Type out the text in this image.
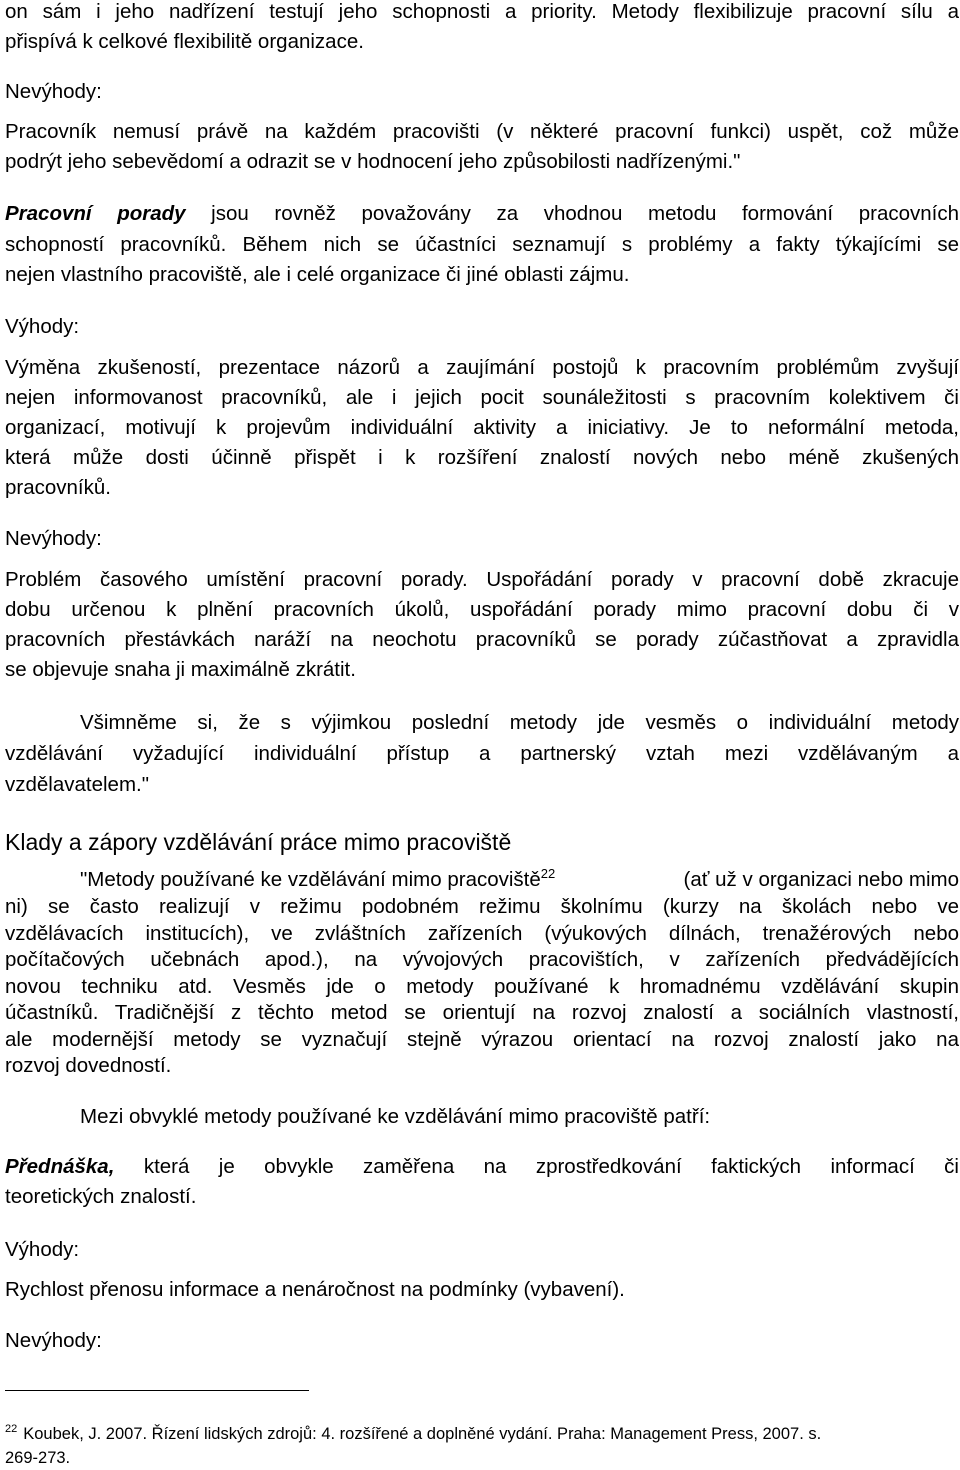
on sám i jeho nadřízení testují jeho schopnosti a priority. Metody flexibilizuje pracovní sílu a

přispívá k celkové flexibilitě organizace.

Nevýhody:

Pracovník nemusí právě na každém pracovišti (v některé pracovní funkci) uspět, což může

podrýt jeho sebevědomí a odrazit se v hodnocení jeho způsobilosti nadřízenými."

Pracovní porady jsou rovněž považovány za vhodnou metodu formování pracovních

schopností pracovníků. Během nich se účastníci seznamují s problémy a fakty týkajícími se

nejen vlastního pracoviště, ale i celé organizace či jiné oblasti zájmu.

Výhody:

Výměna zkušeností, prezentace názorů a zaujímání postojů k pracovním problémům zvyšují

nejen informovanost pracovníků, ale i jejich pocit sounáležitosti s pracovním kolektivem či

organizací, motivují k projevům individuální aktivity a iniciativy. Je to neformální metoda,

která může dosti účinně přispět i k rozšíření znalostí nových nebo méně zkušených

pracovníků.

Nevýhody:

Problém časového umístění pracovní porady. Uspořádání porady v pracovní době zkracuje

dobu určenou k plnění pracovních úkolů, uspořádání porady mimo pracovní dobu či v

pracovních přestávkách naráží na neochotu pracovníků se porady zúčastňovat a zpravidla

se objevuje snaha ji maximálně zkrátit.

Všimněme si, že s výjimkou poslední metody jde vesměs o individuální metody

vzdělávání vyžadující individuální přístup a partnerský vztah mezi vzdělávaným a

vzdělavatelem."

Klady a zápory vzdělávání práce mimo pracoviště

"Metody používané ke vzdělávání mimo pracoviště$^{22}$	(ať už v organizaci nebo mimo

ni) se často realizují v režimu podobném režimu školnímu (kurzy na školách nebo ve

vzdělávacích institucích), ve zvláštních zařízeních (výukových dílnách, trenažérových nebo

počítačových učebnách apod.), na vývojových pracovištích, v zařízeních předvádějících

novou techniku atd. Vesměs jde o metody používané k hromadnému vzdělávání skupin

účastníků. Tradičnější z těchto metod se orientují na rozvoj znalostí a sociálních vlastností,

ale modernější metody se vyznačují stejně výrazou orientací na rozvoj znalostí jako na

rozvoj dovedností.

Mezi obvyklé metody používané ke vzdělávání mimo pracoviště patří:

Přednáška, která je obvykle zaměřena na zprostředkování faktických informací či

teoretických znalostí.

Výhody:

Rychlost přenosu informace a nenáročnost na podmínky (vybavení).

Nevýhody:

$^{22}$ Koubek, J. 2007. Řízení lidských zdrojů: 4. rozšířené a doplněné vydání. Praha: Management Press, 2007. s.
269-273.
